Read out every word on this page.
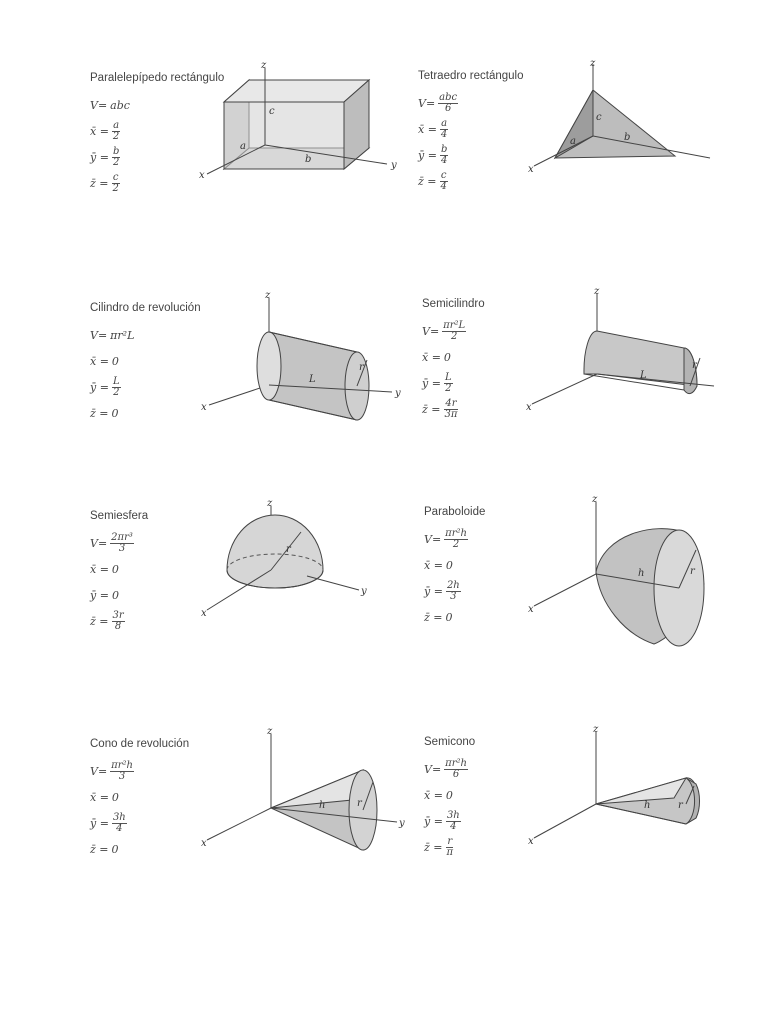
Paralelepípedo rectángulo
V= abc
x̄ = $\frac{a}{2}$
ȳ = $\frac{b}{2}$
z̄ = $\frac{c}{2}$
z
x
y
a
b
c
Tetraedro rectángulo
$V= \frac{\text{abc}}{6}$
x̄ = $\frac{a}{4}$
ȳ = $\frac{b}{4}$
z̄ = $\frac{c}{4}$
z
x
a	b
c
Cilindro de revolución
V= πr²L
x̄ = 0
ȳ = $\frac{L}{2}$
z̄ = 0
z
x
y
L
r
Semicilindro
$V= \frac{\text{πr²L}}{2}$
x̄ = 0
ȳ = $\frac{L}{2}$
z̄ = $\frac{4r}{3\pi}$
z
x
L
r
Semiesfera
$V= \frac{\text{2πr³}}{3}$
x̄ = 0
ȳ = 0
z̄ = $\frac{3r}{8}$
z
x
y
r
Paraboloide
$V= \frac{\text{πr²h}}{2}$
x̄ = 0
ȳ = $\frac{2h}{3}$
z̄ = 0
z
x
h	r
Cono de revolución
$V= \frac{\text{πr²h}}{3}$
x̄ = 0
ȳ = $\frac{3h}{4}$
z̄ = 0
z
x
y
h	r
Semicono
$V= \frac{\text{πr²h}}{6}$
x̄ = 0
ȳ = $\frac{3h}{4}$
z̄ = $\frac{r}{\pi}$
z
x
h	r
